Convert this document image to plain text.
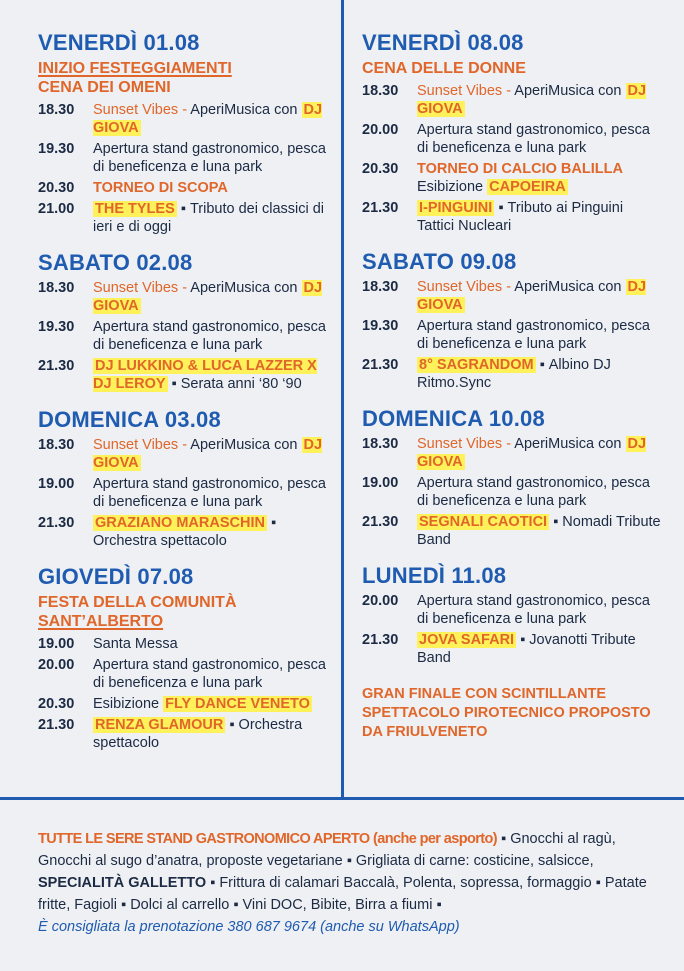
VENERDÌ 01.08
INIZIO FESTEGGIAMENTI
CENA DEI OMENI
18.30	Sunset Vibes - AperiMusica con DJ GIOVA
19.30	Apertura stand gastronomico, pesca di beneficenza e luna park
20.30	TORNEO DI SCOPA
21.00	THE TYLES ▪ Tributo dei classici di ieri e di oggi
SABATO 02.08
18.30	Sunset Vibes - AperiMusica con DJ GIOVA
19.30	Apertura stand gastronomico, pesca di beneficenza e luna park
21.30	DJ LUKKINO & LUCA LAZZER X DJ LEROY ▪ Serata anni ‘80 ‘90
DOMENICA 03.08
18.30	Sunset Vibes - AperiMusica con DJ GIOVA
19.00	Apertura stand gastronomico, pesca di beneficenza e luna park
21.30	GRAZIANO MARASCHIN ▪ Orchestra spettacolo
GIOVEDÌ 07.08
FESTA DELLA COMUNITÀ
SANT’ALBERTO
19.00	Santa Messa
20.00	Apertura stand gastronomico, pesca di beneficenza e luna park
20.30	Esibizione FLY DANCE VENETO
21.30	RENZA GLAMOUR ▪ Orchestra spettacolo
VENERDÌ 08.08
CENA DELLE DONNE
18.30	Sunset Vibes - AperiMusica con DJ GIOVA
20.00	Apertura stand gastronomico, pesca di beneficenza e luna park
20.30	TORNEO DI CALCIO BALILLA
Esibizione CAPOEIRA
21.30	I-PINGUINI ▪ Tributo ai Pinguini Tattici Nucleari
SABATO 09.08
18.30	Sunset Vibes - AperiMusica con DJ GIOVA
19.30	Apertura stand gastronomico, pesca di beneficenza e luna park
21.30	8° SAGRANDOM ▪ Albino DJ Ritmo.Sync
DOMENICA 10.08
18.30	Sunset Vibes - AperiMusica con DJ GIOVA
19.00	Apertura stand gastronomico, pesca di beneficenza e luna park
21.30	SEGNALI CAOTICI ▪ Nomadi Tribute Band
LUNEDÌ 11.08
20.00	Apertura stand gastronomico, pesca di beneficenza e luna park
21.30	JOVA SAFARI ▪ Jovanotti Tribute Band
GRAN FINALE CON SCINTILLANTE SPETTACOLO PIROTECNICO PROPOSTO DA FRIULVENETO
TUTTE LE SERE STAND GASTRONOMICO APERTO (anche per asporto) ▪ Gnocchi al ragù, Gnocchi al sugo d’anatra, proposte vegetariane ▪ Grigliata di carne: costicine, salsicce, SPECIALITÀ GALLETTO ▪ Frittura di calamari Baccalà, Polenta, sopressa, formaggio ▪ Patate fritte, Fagioli ▪ Dolci al carrello ▪ Vini DOC, Bibite, Birra a fiumi ▪
È consigliata la prenotazione 380 687 9674 (anche su WhatsApp)
